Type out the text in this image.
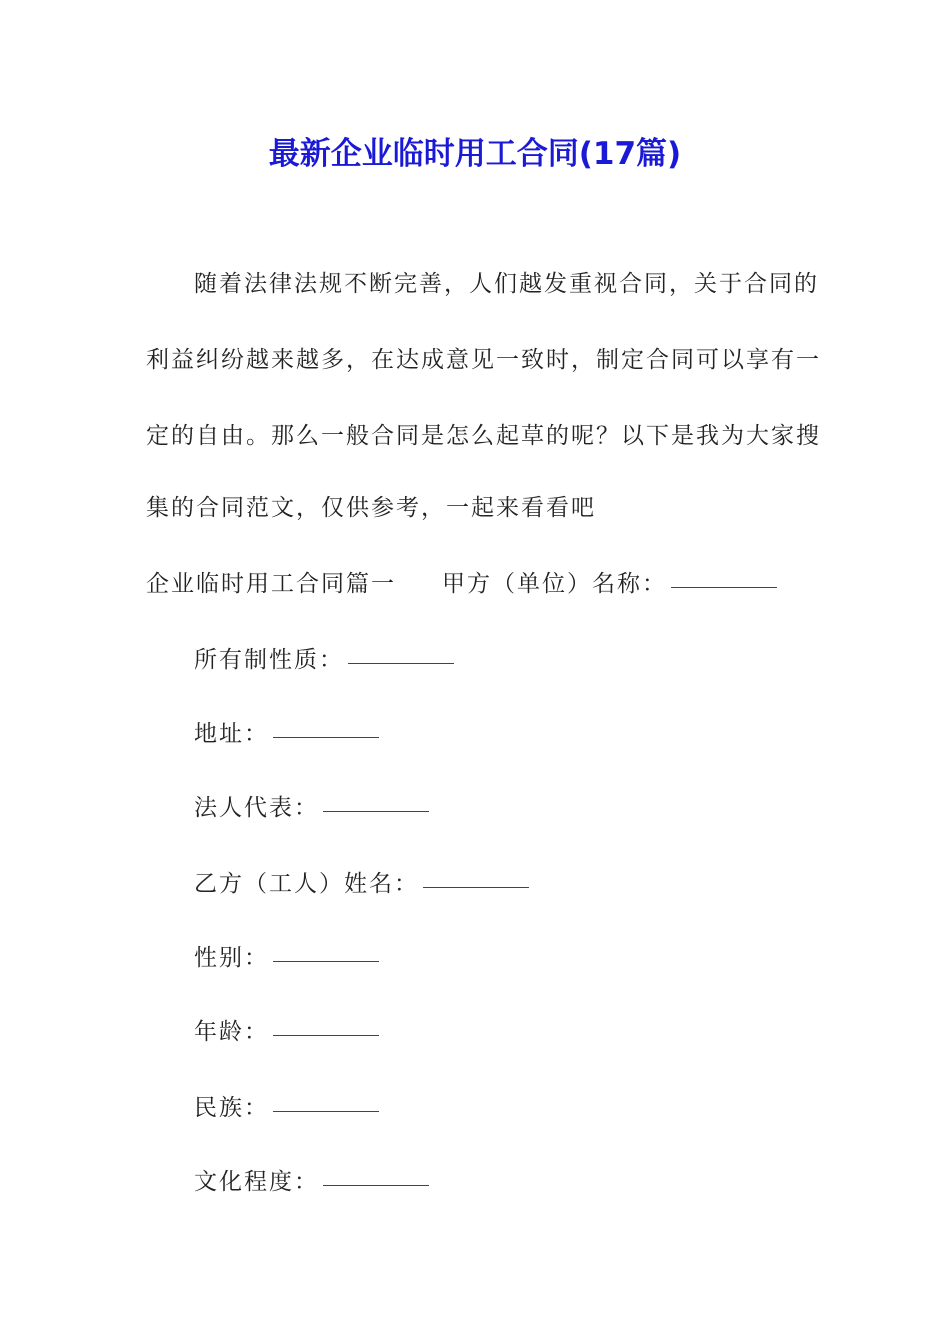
最新企业临时用工合同(17篇)

随着法律法规不断完善，人们越发重视合同，关于合同的

利益纠纷越来越多，在达成意见一致时，制定合同可以享有一

定的自由。那么一般合同是怎么起草的呢？以下是我为大家搜

集的合同范文，仅供参考，一起来看看吧

企业临时用工合同篇一 甲方（单位）名称：

所有制性质：

地址：

法人代表：

乙方（工人）姓名：

性别：

年龄：

民族：

文化程度：
